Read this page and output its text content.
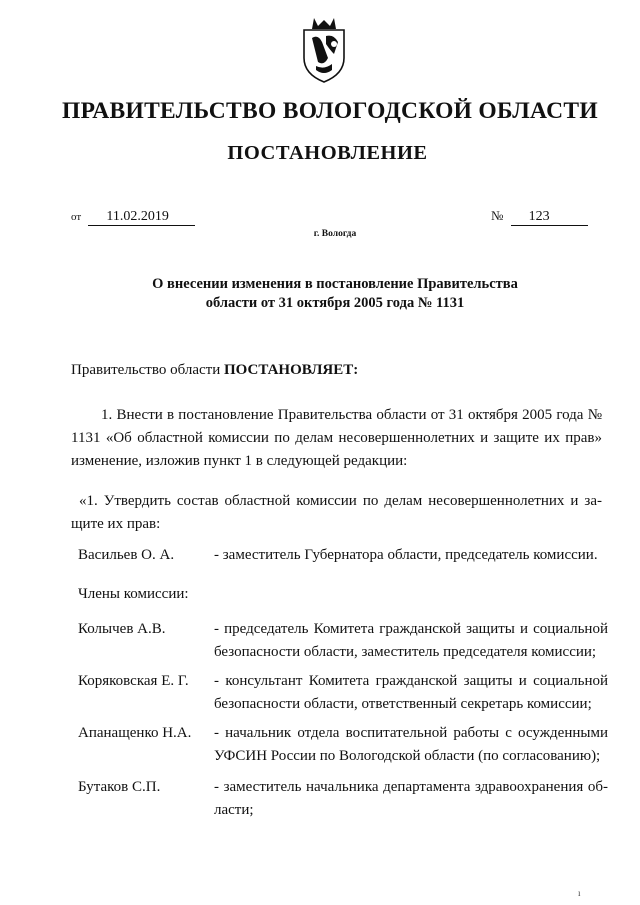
ПРАВИТЕЛЬСТВО ВОЛОГОДСКОЙ ОБЛАСТИ
ПОСТАНОВЛЕНИЕ
от 11.02.2019	№ 123
г. Вологда
О внесении изменения в постановление Правительства
области от 31 октября 2005 года № 1131
Правительство области ПОСТАНОВЛЯЕТ:
1. Внести в постановление Правительства области от 31 октября 2005 года № 1131 «Об областной комиссии по делам несовершеннолетних и защите их прав» изменение, изложив пункт 1 в следующей редакции:
«1. Утвердить состав областной комиссии по делам несовершеннолетних и за-щите их прав:
Васильев О. А.	- заместитель Губернатора области, председатель комиссии.
Члены комиссии:
Колычев А.В.	- председатель Комитета гражданской защиты и социальной безопасности области, заместитель председателя комиссии;
Коряковская Е. Г.	- консультант Комитета гражданской защиты и социальной безопасности области, ответственный секретарь комиссии;
Апанащенко Н.А.	- начальник отдела воспитательной работы с осужденными УФСИН России по Вологодской области (по согласованию);
Бутаков С.П.	- заместитель начальника департамента здравоохранения об-ласти;
ı
